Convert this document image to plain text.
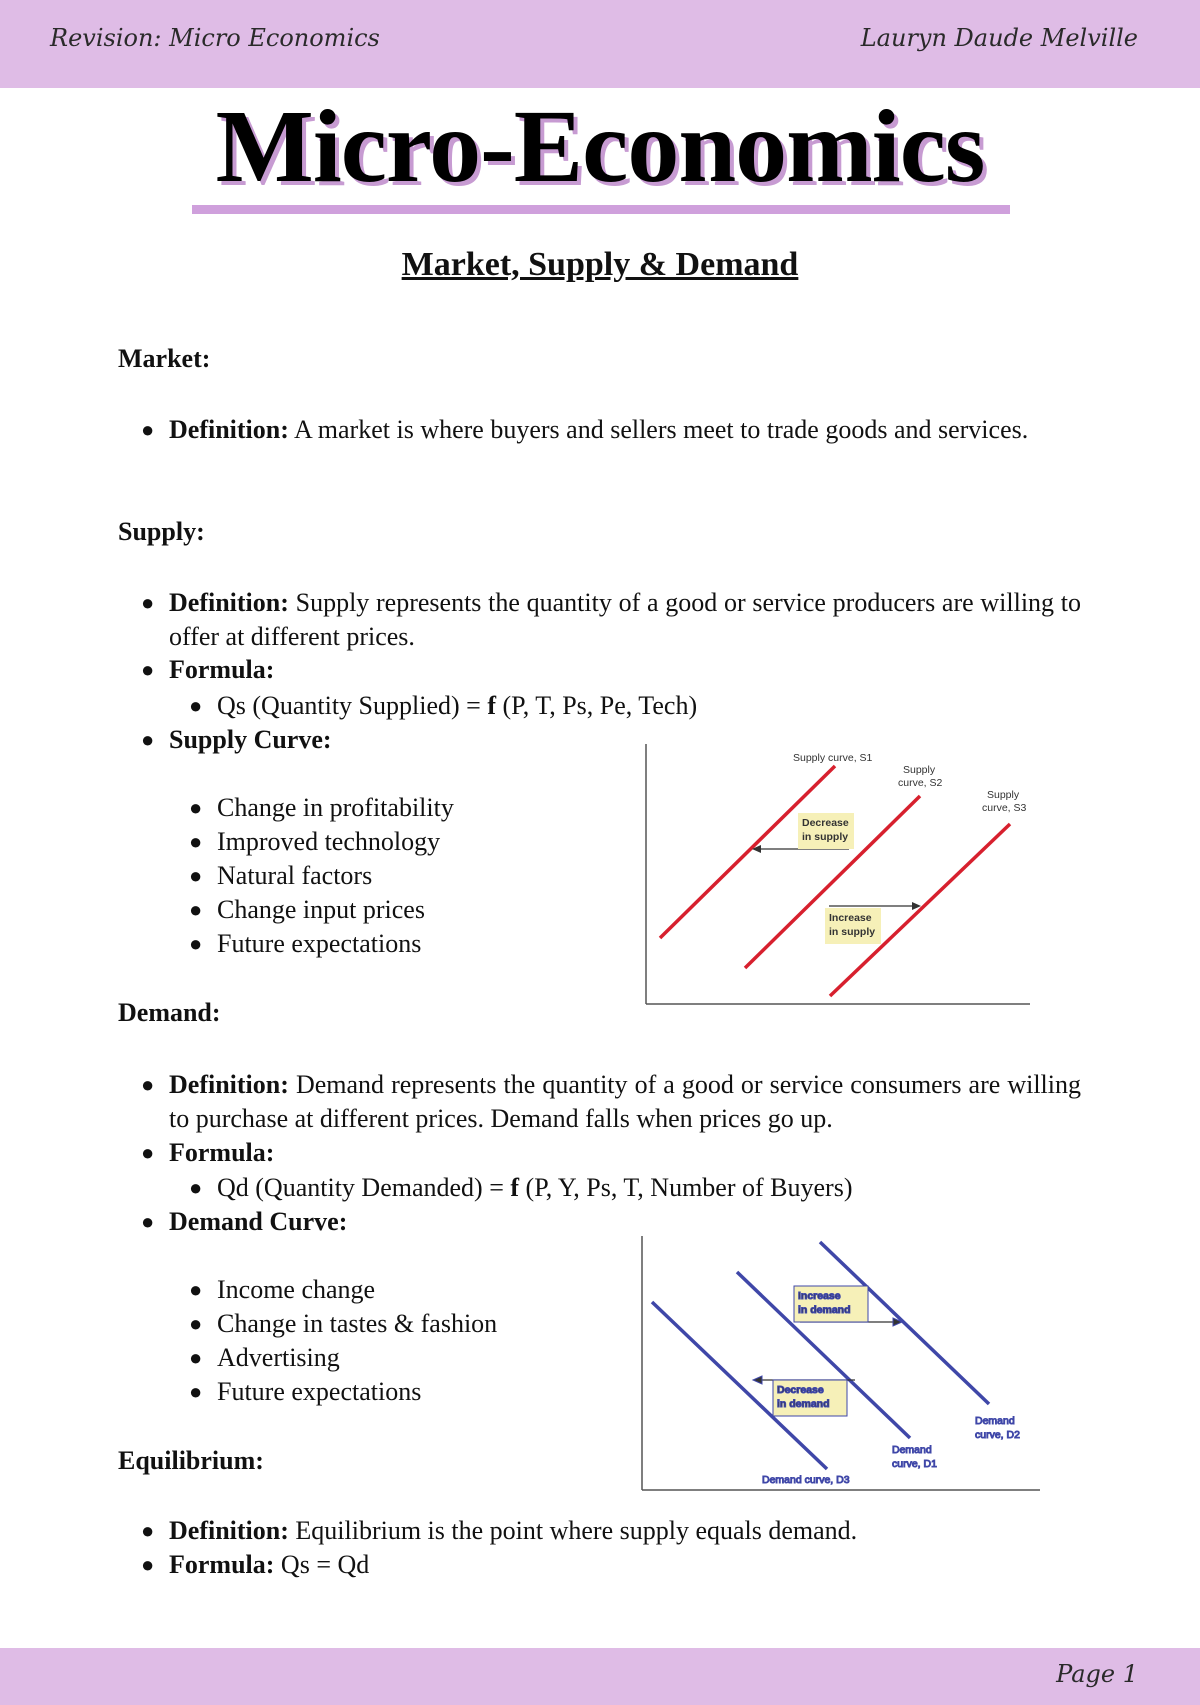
Revision: Micro Economics	Lauryn Daude Melville
Page 1
Micro-Economics
Market, Supply & Demand
Market:
● Definition: A market is where buyers and sellers meet to trade goods and services.
Supply:
● Definition: Supply represents the quantity of a good or service producers are willing to offer at different prices.
● Formula:
● Qs (Quantity Supplied) = f (P, T, Ps, Pe, Tech)
● Supply Curve:
● Change in profitability
● Improved technology
● Natural factors
● Change input prices
● Future expectations
Decrease
in supply
Increase
in supply
Supply curve, S1
Supply
curve, S2
Supply
curve, S3
Demand:
● Definition: Demand represents the quantity of a good or service consumers are willing to purchase at different prices. Demand falls when prices go up.
● Formula:
● Qd (Quantity Demanded) = f (P, Y, Ps, T, Number of Buyers)
● Demand Curve:
● Income change
● Change in tastes & fashion
● Advertising
● Future expectations
Increase
in demand
Decrease
in demand
Demand
curve, D2
Demand
curve, D1
Demand curve, D3
Equilibrium:
● Definition: Equilibrium is the point where supply equals demand.
● Formula: Qs = Qd
